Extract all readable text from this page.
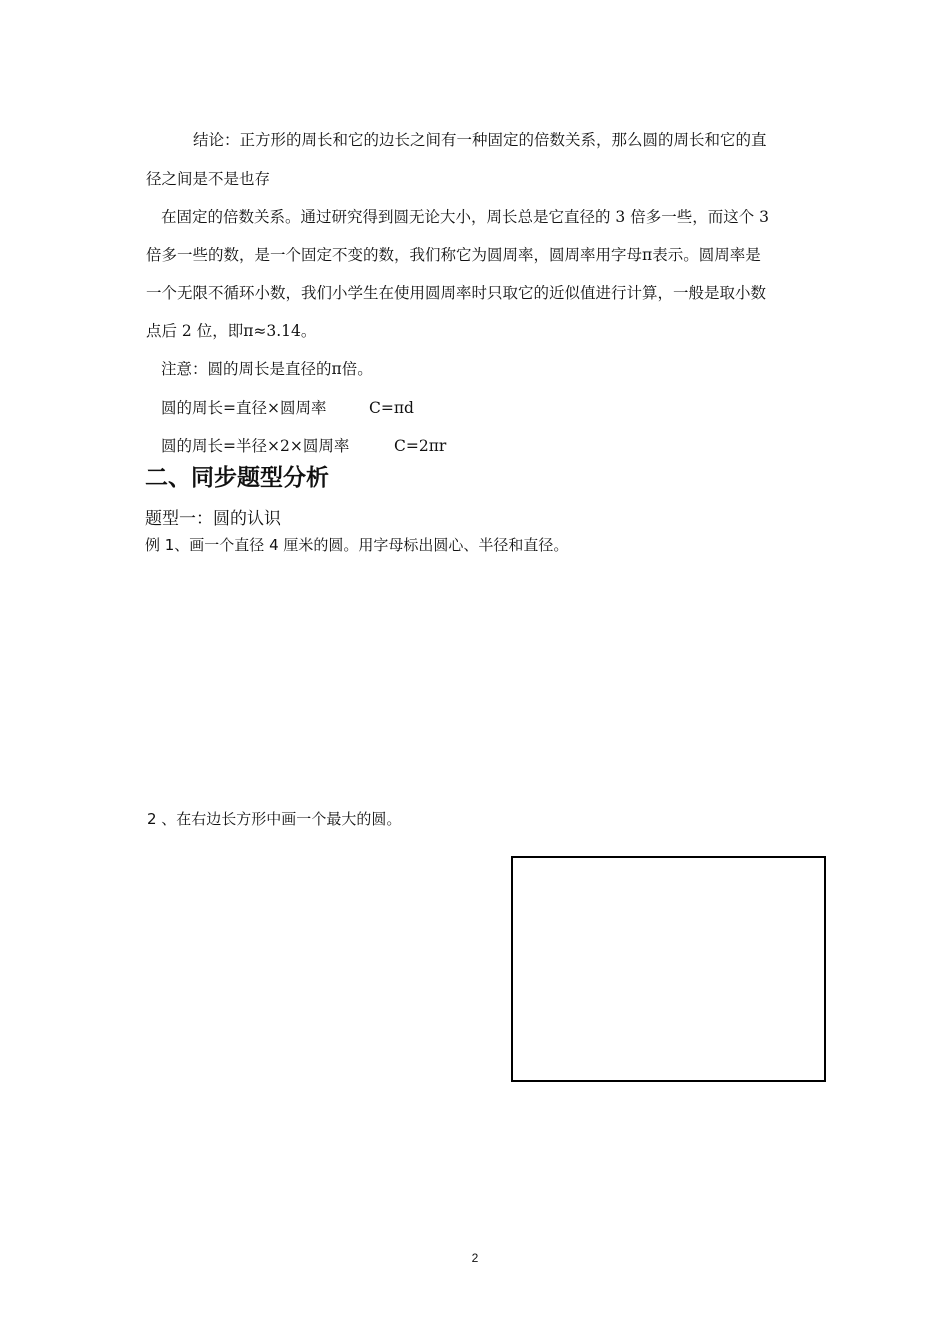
结论：正方形的周长和它的边长之间有一种固定的倍数关系，那么圆的周长和它的直
径之间是不是也存
在固定的倍数关系。通过研究得到圆无论大小，周长总是它直径的 3 倍多一些，而这个 3
倍多一些的数，是一个固定不变的数，我们称它为圆周率，圆周率用字母π表示。圆周率是
一个无限不循环小数，我们小学生在使用圆周率时只取它的近似值进行计算，一般是取小数
点后 2 位，即π≈3.14。
注意：圆的周长是直径的π倍。
圆的周长=直径×圆周率	C=πd
圆的周长=半径×2×圆周率	C=2πr
二、同步题型分析
题型一：圆的认识
例 1、画一个直径 4 厘米的圆。用字母标出圆心、半径和直径。
2 、在右边长方形中画一个最大的圆。
2
